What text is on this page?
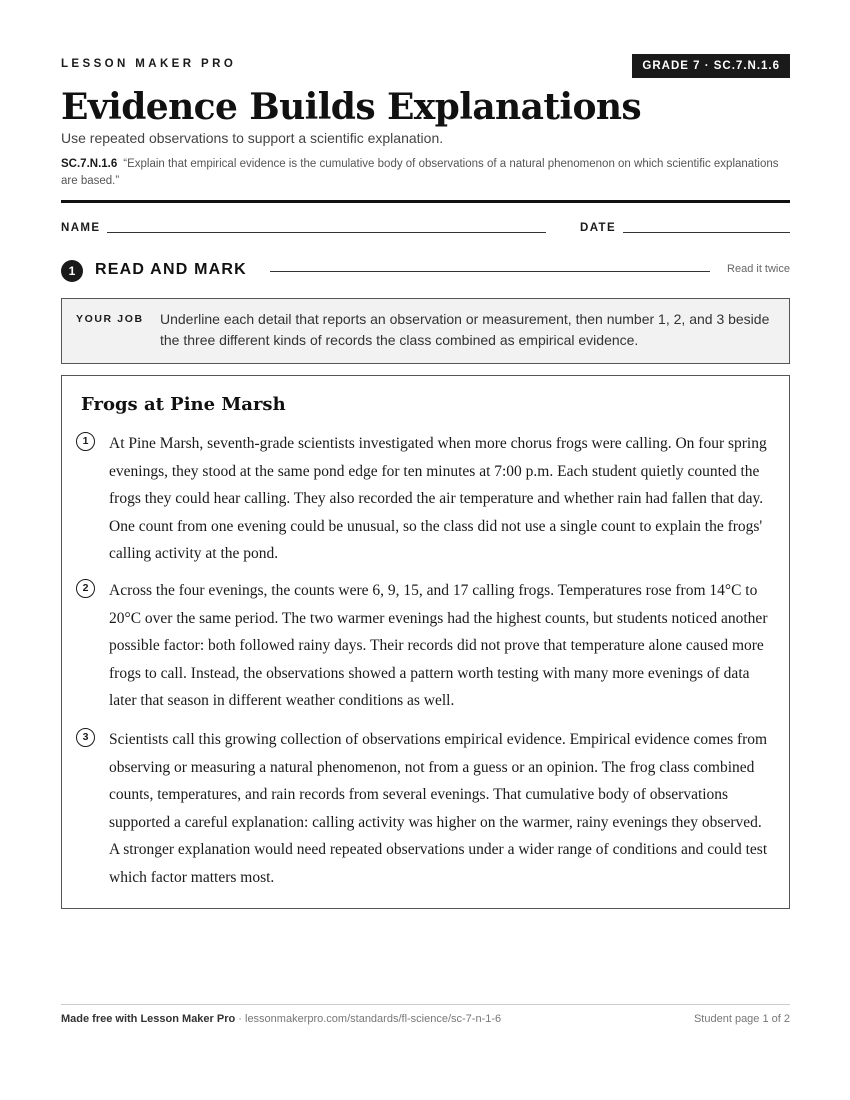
LESSON MAKER PRO	GRADE 7 · SC.7.N.1.6
Evidence Builds Explanations
Use repeated observations to support a scientific explanation.
SC.7.N.1.6 “Explain that empirical evidence is the cumulative body of observations of a natural phenomenon on which scientific explanations are based.”
NAME	DATE
1	READ AND MARK	Read it twice
YOUR JOB Underline each detail that reports an observation or measurement, then number 1, 2, and 3 beside the three different kinds of records the class combined as empirical evidence.
Frogs at Pine Marsh
1	At Pine Marsh, seventh-grade scientists investigated when more chorus frogs were calling. On four spring evenings, they stood at the same pond edge for ten minutes at 7:00 p.m. Each student quietly counted the frogs they could hear calling. They also recorded the air temperature and whether rain had fallen that day. One count from one evening could be unusual, so the class did not use a single count to explain the frogs' calling activity at the pond.
2	Across the four evenings, the counts were 6, 9, 15, and 17 calling frogs. Temperatures rose from 14°C to 20°C over the same period. The two warmer evenings had the highest counts, but students noticed another possible factor: both followed rainy days. Their records did not prove that temperature alone caused more frogs to call. Instead, the observations showed a pattern worth testing with many more evenings of data later that season in different weather conditions as well.
3	Scientists call this growing collection of observations empirical evidence. Empirical evidence comes from observing or measuring a natural phenomenon, not from a guess or an opinion. The frog class combined counts, temperatures, and rain records from several evenings. That cumulative body of observations supported a careful explanation: calling activity was higher on the warmer, rainy evenings they observed. A stronger explanation would need repeated observations under a wider range of conditions and could test which factor matters most.
Made free with Lesson Maker Pro · lessonmakerpro.com/standards/fl-science/sc-7-n-1-6	Student page 1 of 2
